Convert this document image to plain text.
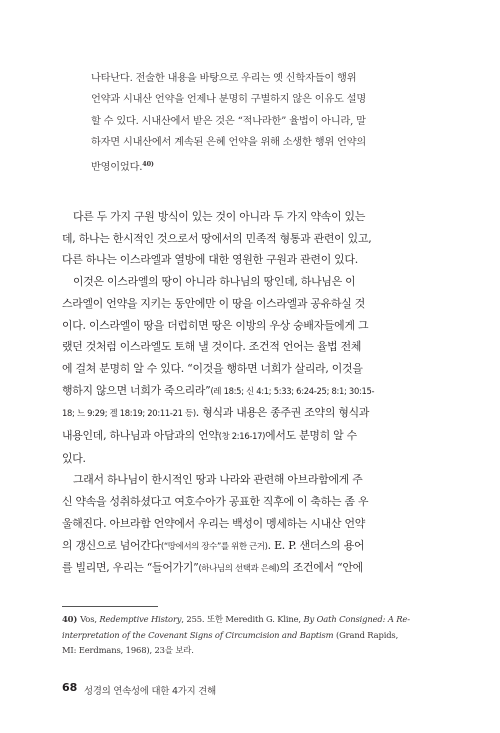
나타난다. 전술한 내용을 바탕으로 우리는 옛 신학자들이 행위
언약과 시내산 언약을 언제나 분명히 구별하지 않은 이유도 설명
할 수 있다. 시내산에서 받은 것은 “적나라한” 율법이 아니라, 말
하자면 시내산에서 계속된 은혜 언약을 위해 소생한 행위 언약의
반영이었다.$^{40)}$
다른 두 가지 구원 방식이 있는 것이 아니라 두 가지 약속이 있는
데, 하나는 한시적인 것으로서 땅에서의 민족적 형통과 관련이 있고,
다른 하나는 이스라엘과 열방에 대한 영원한 구원과 관련이 있다.
이것은 이스라엘의 땅이 아니라 하나님의 땅인데, 하나님은 이
스라엘이 언약을 지키는 동안에만 이 땅을 이스라엘과 공유하실 것
이다. 이스라엘이 땅을 더럽히면 땅은 이방의 우상 숭배자들에게 그
랬던 것처럼 이스라엘도 토해 낼 것이다. 조건적 언어는 율법 전체
에 걸쳐 분명히 알 수 있다. “이것을 행하면 너희가 살리라, 이것을
행하지 않으면 너희가 죽으리라”(레 18:5; 신 4:1; 5:33; 6:24-25; 8:1; 30:15-
18; 느 9:29; 겔 18:19; 20:11-21 등). 형식과 내용은 종주권 조약의 형식과
내용인데, 하나님과 아담과의 언약(창 2:16-17)에서도 분명히 알 수
있다.
그래서 하나님이 한시적인 땅과 나라와 관련해 아브라함에게 주
신 약속을 성취하셨다고 여호수아가 공표한 직후에 이 축하는 좀 우
울해진다. 아브라함 언약에서 우리는 백성이 멩세하는 시내산 언약
의 갱신으로 넘어간다(“땅에서의 장수”를 위한 근거). E. P. 샌더스의 용어
를 빌리면, 우리는 “들어가기”(하나님의 선택과 은혜)의 조건에서 “안에
40) Vos, Redemptive History, 255. 또한 Meredith G. Kline, By Oath Consigned: A Re-
interpretation of the Covenant Signs of Circumcision and Baptism (Grand Rapids,
MI: Eerdmans, 1968), 23을 보라.
68 성경의 연속성에 대한 4가지 견해
